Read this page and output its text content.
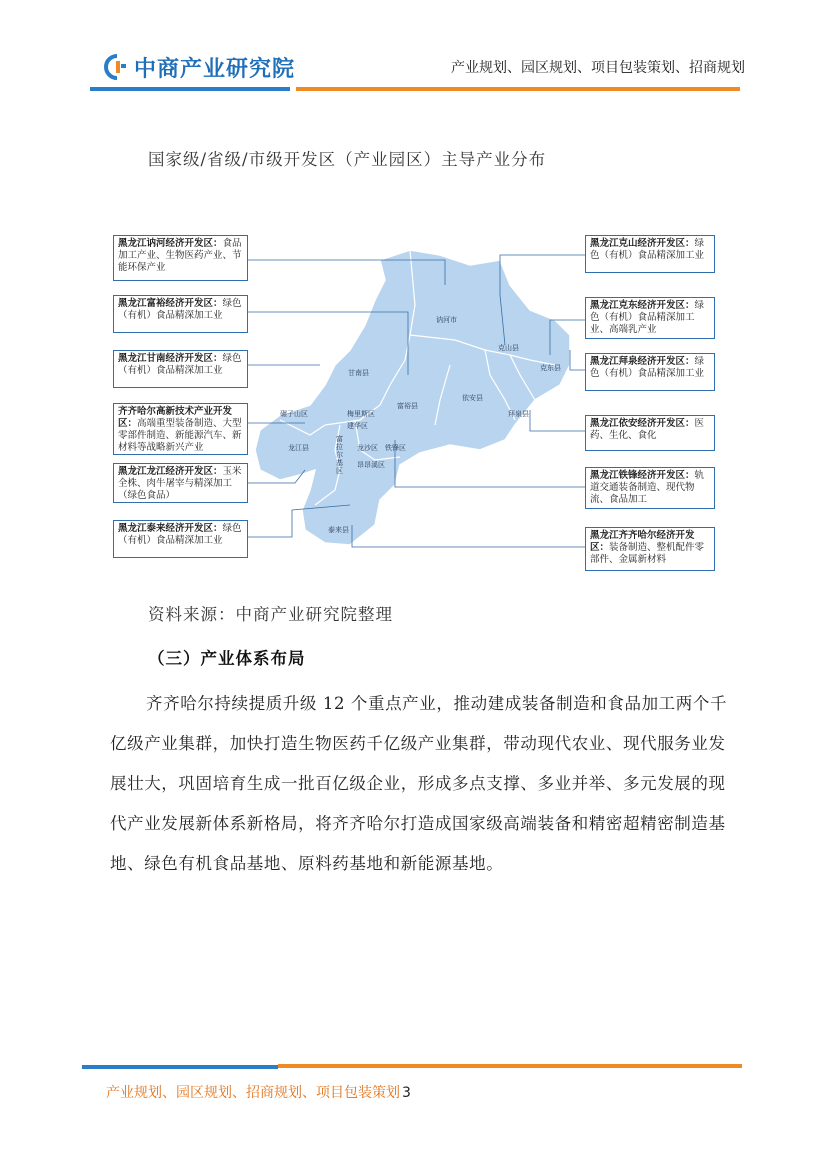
中商产业研究院	产业规划、园区规划、项目包装策划、招商规划
国家级/省级/市级开发区（产业园区）主导产业分布
讷河市
克山县
克东县
甘南县
富裕县
依安县
拜泉县
梅里斯区
碾子山区
龙江县
建华区
富拉尔基区
龙沙区 铁锋区
昂昂溪区
泰来县
黑龙江讷河经济开发区：食品加工产业、生物医药产业、节能环保产业
黑龙江富裕经济开发区：绿色（有机）食品精深加工业
黑龙江甘南经济开发区：绿色（有机）食品精深加工业
齐齐哈尔高新技术产业开发区：高端重型装备制造、大型零部件制造、新能源汽车、新材料等战略新兴产业
黑龙江龙江经济开发区：玉米全株、肉牛屠宰与精深加工（绿色食品）
黑龙江泰来经济开发区：绿色（有机）食品精深加工业
黑龙江克山经济开发区：绿色（有机）食品精深加工业
黑龙江克东经济开发区：绿色（有机）食品精深加工业、高端乳产业
黑龙江拜泉经济开发区：绿色（有机）食品精深加工业
黑龙江依安经济开发区：医药、生化、食化
黑龙江铁锋经济开发区：轨道交通装备制造、现代物流、食品加工
黑龙江齐齐哈尔经济开发区：装备制造、整机配件零部件、金属新材料
资料来源：中商产业研究院整理
（三）产业体系布局
齐齐哈尔持续提质升级 12 个重点产业，推动建成装备制造和食品加工两个千亿级产业集群，加快打造生物医药千亿级产业集群，带动现代农业、现代服务业发展壮大，巩固培育生成一批百亿级企业，形成多点支撑、多业并举、多元发展的现代产业发展新体系新格局，将齐齐哈尔打造成国家级高端装备和精密超精密制造基地、绿色有机食品基地、原料药基地和新能源基地。
产业规划、园区规划、招商规划、项目包装策划 3
